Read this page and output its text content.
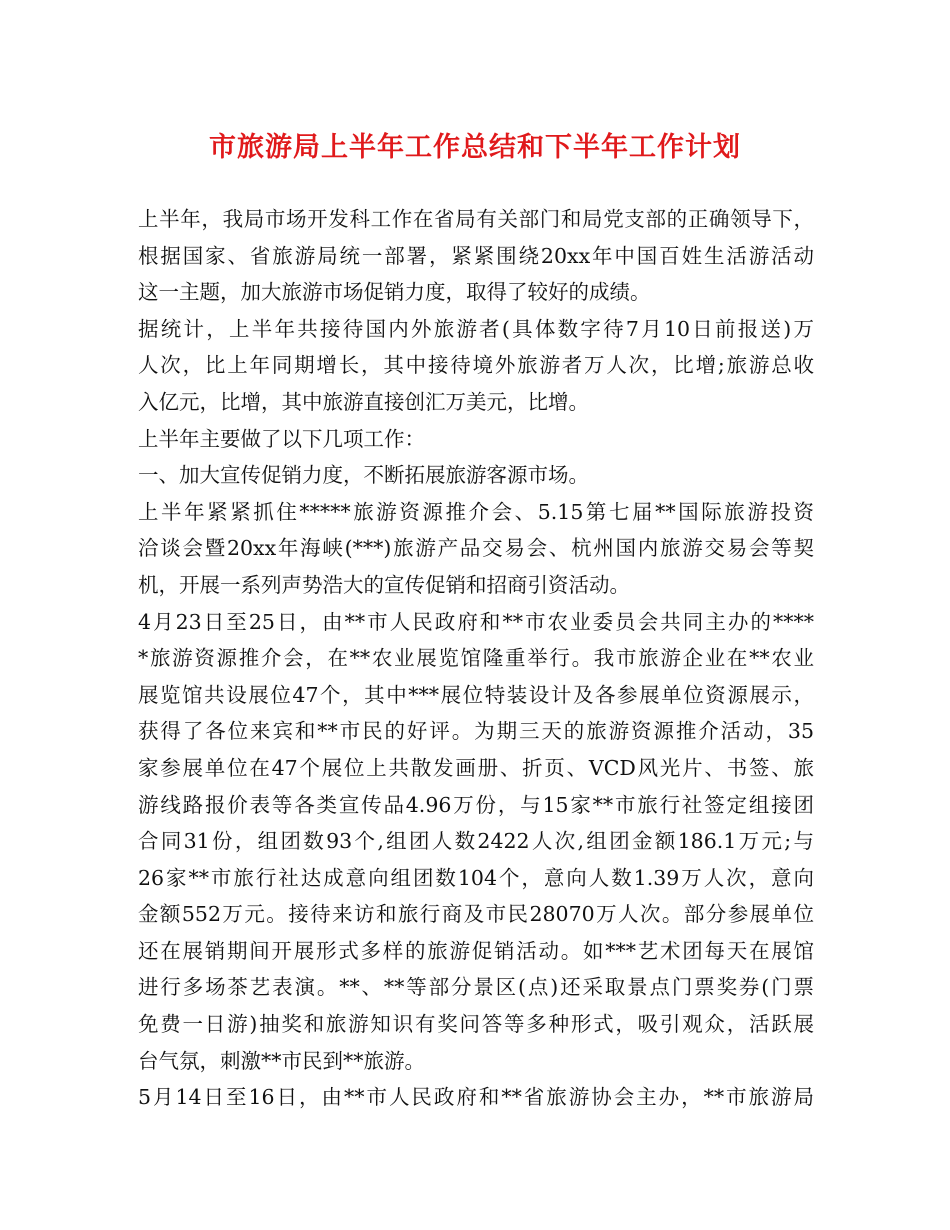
市旅游局上半年工作总结和下半年工作计划
上半年，我局市场开发科工作在省局有关部门和局党支部的正确领导下，
根据国家、省旅游局统一部署，紧紧围绕20xx年中国百姓生活游活动
这一主题，加大旅游市场促销力度，取得了较好的成绩。
据统计，上半年共接待国内外旅游者(具体数字待7月10日前报送)万
人次，比上年同期增长，其中接待境外旅游者万人次，比增;旅游总收
入亿元，比增，其中旅游直接创汇万美元，比增。
上半年主要做了以下几项工作：
一、加大宣传促销力度，不断拓展旅游客源市场。
上半年紧紧抓住*****旅游资源推介会、5.15第七届**国际旅游投资
洽谈会暨20xx年海峡(***)旅游产品交易会、杭州国内旅游交易会等契
机，开展一系列声势浩大的宣传促销和招商引资活动。
4月23日至25日，由**市人民政府和**市农业委员会共同主办的****
*旅游资源推介会，在**农业展览馆隆重举行。我市旅游企业在**农业
展览馆共设展位47个，其中***展位特装设计及各参展单位资源展示，
获得了各位来宾和**市民的好评。为期三天的旅游资源推介活动，35
家参展单位在47个展位上共散发画册、折页、VCD风光片、书签、旅
游线路报价表等各类宣传品4.96万份，与15家**市旅行社签定组接团
合同31份，组团数93个,组团人数2422人次,组团金额186.1万元;与
26家**市旅行社达成意向组团数104个，意向人数1.39万人次，意向
金额552万元。接待来访和旅行商及市民28070万人次。部分参展单位
还在展销期间开展形式多样的旅游促销活动。如***艺术团每天在展馆
进行多场茶艺表演。**、**等部分景区(点)还采取景点门票奖券(门票
免费一日游)抽奖和旅游知识有奖问答等多种形式，吸引观众，活跃展
台气氛，刺激**市民到**旅游。
5月14日至16日，由**市人民政府和**省旅游协会主办，**市旅游局
